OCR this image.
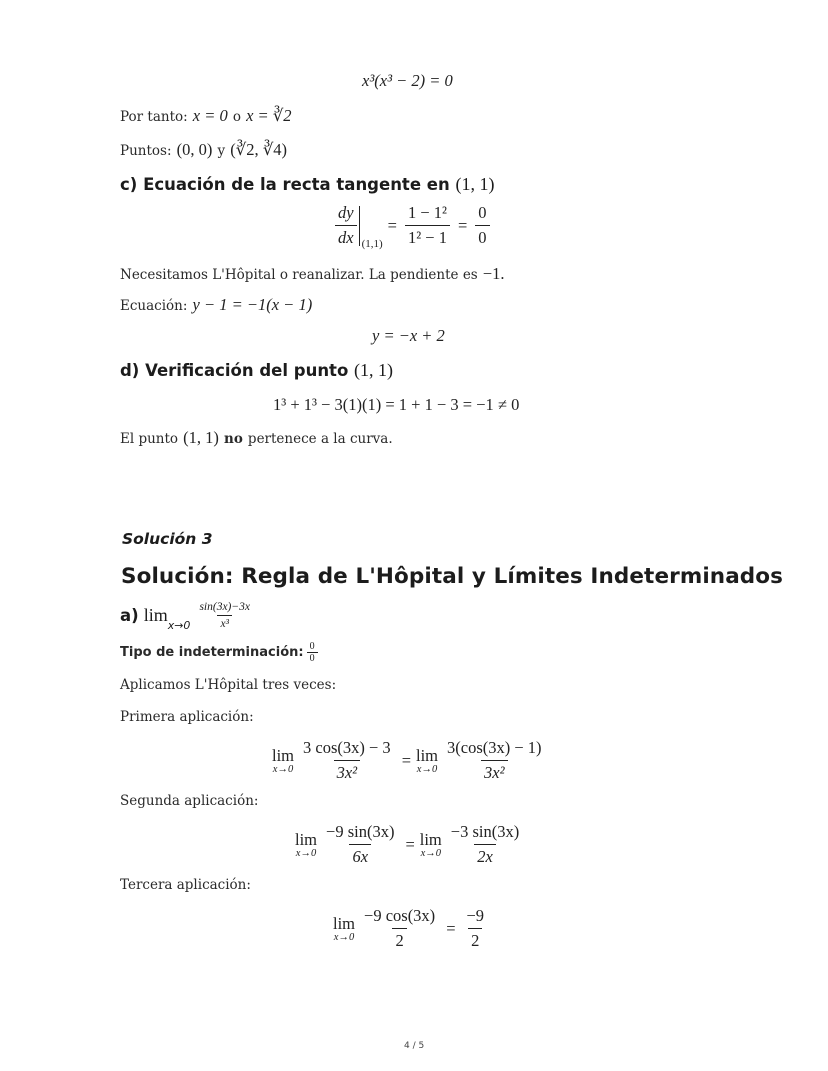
x³(x³ − 2) = 0
Por tanto: x = 0 o x = ∛2
Puntos: (0, 0) y (∛2, ∛4)
c) Ecuación de la recta tangente en (1, 1)
$\frac{dy}{dx} (1,1)$
= $\frac{\text{1 − 1²}}{\text{1² − 1}} = \frac{0}{0}$
Necesitamos L'Hôpital o reanalizar. La pendiente es −1.
Ecuación: y − 1 = −1(x − 1)
y = −x + 2
d) Verificación del punto (1, 1)
1³ + 1³ − 3(1)(1) = 1 + 1 − 3 = −1 ≠ 0
El punto (1, 1) no pertenece a la curva.
Solución 3
Solución: Regla de L'Hôpital y Límites Indeterminados
a) lim
$x\to 0 \frac{\sin(3x)-3x}{\text{x³}}$
Tipo de indeterminación: $\frac{0}{0}$
Aplicamos L'Hôpital tres veces:
Primera aplicación:
lim
$x\to 0 \frac{3 \cos(3x) - 3}{\text{3x²}} = \lim$
$x\to 0 \frac{3(\cos(3x) - 1)}{\text{3x²}}$
Segunda aplicación:
lim
$x\to 0 \frac{-9 \sin(3x)}{6x} = \lim$
$x\to 0 \frac{-3 \sin(3x)}{2x}$
Tercera aplicación:
lim
$x\to 0 \frac{-9 \cos(3x)}{2} = \frac{-9}{2}$
4 / 5
